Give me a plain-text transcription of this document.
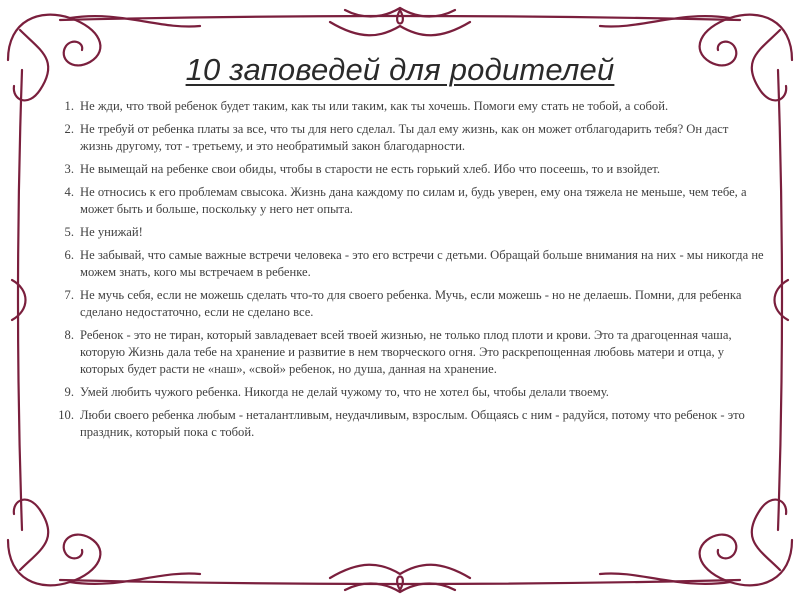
10 заповедей для родителей
1. Не жди, что твой ребенок будет таким, как ты или таким, как ты хочешь. Помоги ему стать не тобой, а собой.
2. Не требуй от ребенка платы за все, что ты для него сделал. Ты дал ему жизнь, как он может отблагодарить тебя? Он даст жизнь другому, тот - третьему, и это необратимый закон благодарности.
3. Не вымещай на ребенке свои обиды, чтобы в старости не есть горький хлеб. Ибо что посеешь, то и взойдет.
4. Не относись к его проблемам свысока. Жизнь дана каждому по силам и, будь уверен, ему она тяжела не меньше, чем тебе, а может быть и больше, поскольку у него нет опыта.
5. Не унижай!
6. Не забывай, что самые важные встречи человека - это его встречи с детьми. Обращай больше внимания на них - мы никогда не можем знать, кого мы встречаем в ребенке.
7. Не мучь себя, если не можешь сделать что-то для своего ребенка. Мучь, если можешь - но не делаешь. Помни, для ребенка сделано недостаточно, если не сделано все.
8. Ребенок - это не тиран, который завладевает всей твоей жизнью, не только плод плоти и крови. Это та драгоценная чаша, которую Жизнь дала тебе на хранение и развитие в нем творческого огня. Это раскрепощенная любовь матери и отца, у которых будет расти не «наш», «свой» ребенок, но душа, данная на хранение.
9. Умей любить чужого ребенка. Никогда не делай чужому то, что не хотел бы, чтобы делали твоему.
10. Люби своего ребенка любым - неталантливым, неудачливым, взрослым. Общаясь с ним - радуйся, потому что ребенок - это праздник, который пока с тобой.
